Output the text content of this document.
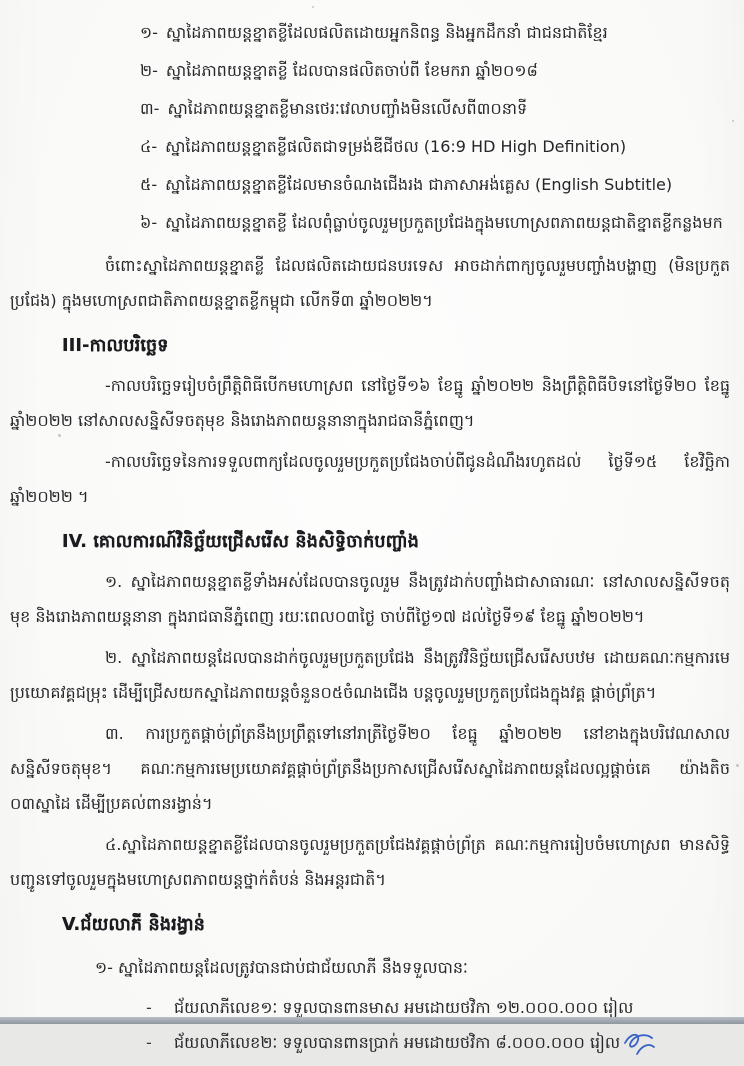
១- ស្នាដៃភាពយន្តខ្នាតខ្លីដែលផលិតដោយអ្នកនិពន្ធ និងអ្នកដឹកនាំ ជាជនជាតិខ្មែរ
២- ស្នាដៃភាពយន្តខ្នាតខ្លី ដែលបានផលិតចាប់ពី ខែមករា ឆ្នាំ២០១៨
៣- ស្នាដៃភាពយន្តខ្នាតខ្លីមានថេរៈវេលាបញ្ចាំងមិនលើសពី៣០នាទី
៤- ស្នាដៃភាពយន្តខ្នាតខ្លីផលិតជាទម្រង់ឌីជីថល (16:9 HD High Definition)
៥- ស្នាដៃភាពយន្តខ្នាតខ្លីដែលមានចំណងជើងរង ជាភាសាអង់គ្លេស (English Subtitle)
៦- ស្នាដៃភាពយន្តខ្នាតខ្លី ដែលពុំធ្លាប់ចូលរួមប្រកួតប្រជែងក្នុងមហោស្រពភាពយន្តជាតិខ្នាតខ្លីកន្លងមក

ចំពោះស្នាដៃភាពយន្តខ្នាតខ្លី ដែលផលិតដោយជនបរទេស អាចដាក់ពាក្យចូលរួមបញ្ចាំងបង្ហាញ (មិនប្រកួតប្រជែង) ក្នុងមហោស្រពជាតិភាពយន្តខ្នាតខ្លីកម្ពុជា លើកទី៣ ឆ្នាំ២០២២។

III-កាលបរិច្ឆេទ

-កាលបរិច្ឆេទរៀបចំព្រឹត្តិពិធីបើកមហោស្រព នៅថ្ងៃទី១៦ ខែធ្នូ ឆ្នាំ២០២២ និងព្រឹត្តិពិធីបិទនៅថ្ងៃទី២០ ខែធ្នូ ឆ្នាំ២០២២ នៅសាលសន្និសីទចតុមុខ និងរោងភាពយន្តនានាក្នុងរាជធានីភ្នំពេញ។

-កាលបរិច្ឆេទនៃការទទួលពាក្យដែលចូលរួមប្រកួតប្រជែងចាប់ពីជូនដំណឹងរហូតដល់ ថ្ងៃទី១៥ ខែវិច្ឆិកា ឆ្នាំ២០២២ ។

IV. គោលការណ៍វិនិច្ឆ័យជ្រើសរើស និងសិទ្ធិចាក់បញ្ចាំង

១. ស្នាដៃភាពយន្តខ្នាតខ្លីទាំងអស់ដែលបានចូលរួម នឹងត្រូវដាក់បញ្ចាំងជាសាធារណៈ នៅសាលសន្និសីទចតុមុខ និងរោងភាពយន្តនានា ក្នុងរាជធានីភ្នំពេញ រយៈពេល០៣ថ្ងៃ ចាប់ពីថ្ងៃ១៧ ដល់ថ្ងៃទី១៩ ខែធ្នូ ឆ្នាំ២០២២។

២. ស្នាដៃភាពយន្តដែលបានដាក់ចូលរួមប្រកួតប្រជែង នឹងត្រូវវិនិច្ឆ័យជ្រើសរើសបឋម ដោយគណៈកម្មការមេប្រយោគវគ្គជម្រុះ ដើម្បីជ្រើសយកស្នាដៃភាពយន្តចំនួន០៥ចំណងជើង បន្តចូលរួមប្រកួតប្រជែងក្នុងវគ្គ ផ្តាច់ព្រ័ត្រ។

៣. ការប្រកួតផ្តាច់ព្រ័ត្រនឹងប្រព្រឹត្តទៅនៅរាត្រីថ្ងៃទី២០ ខែធ្នូ ឆ្នាំ២០២២ នៅខាងក្នុងបរិវេណសាលសន្និសីទចតុមុខ។ គណៈកម្មការមេប្រយោគវគ្គផ្តាច់ព្រ័ត្រនឹងប្រកាសជ្រើសរើសស្នាដៃភាពយន្តដែលល្អផ្តាច់គេ យ៉ាងតិច ០៣ស្នាដៃ ដើម្បីប្រគល់ពានរង្វាន់។

៤.ស្នាដៃភាពយន្តខ្នាតខ្លីដែលបានចូលរួមប្រកួតប្រជែងវគ្គផ្តាច់ព្រ័ត្រ គណៈកម្មការរៀបចំមហោស្រព មានសិទ្ធិបញ្ជូនទៅចូលរួមក្នុងមហោស្រពភាពយន្តថ្នាក់តំបន់ និងអន្តរជាតិ។

V.ជ័យលាភី និងរង្វាន់

១- ស្នាដៃភាពយន្តដែលត្រូវបានជាប់ជាជ័យលាភី នឹងទទួលបានៈ

- ជ័យលាភីលេខ១ៈ ទទួលបានពានមាស អមដោយថវិកា ១២.០០០.០០០ រៀល
- ជ័យលាភីលេខ២ៈ ទទួលបានពានប្រាក់ អមដោយថវិកា ៨.០០០.០០០ រៀល
